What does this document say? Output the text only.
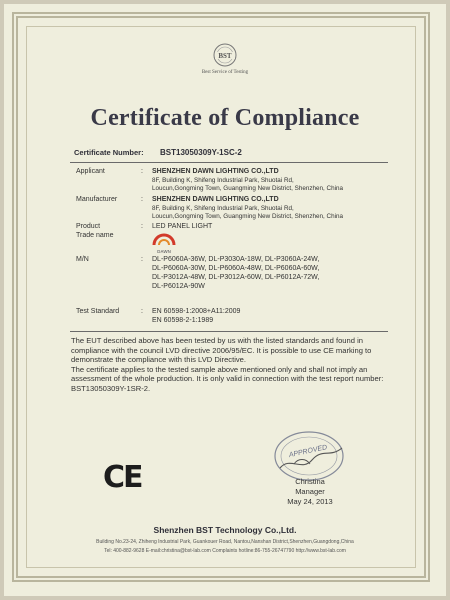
BST
Best Service of Testing
Certificate of Compliance
Certificate Number: BST13050309Y-1SC-2
Applicant	: SHENZHEN DAWN LIGHTING CO.,LTD
8F, Building K, Shifeng Industrial Park, Shuotai Rd,
Loucun,Gongming Town, Guangming New District, Shenzhen, China
Manufacturer	: SHENZHEN DAWN LIGHTING CO.,LTD
8F, Building K, Shifeng Industrial Park, Shuotai Rd,
Loucun,Gongming Town, Guangming New District, Shenzhen, China
Product	: LED PANEL LIGHT
Trade name
DAWN
M/N	: DL-P6060A-36W, DL-P3030A-18W, DL-P3060A-24W,
DL-P6060A-30W, DL-P6060A-48W, DL-P6060A-60W,
DL-P3012A-48W, DL-P3012A-60W, DL-P6012A-72W,
DL-P6012A-90W
Test Standard	: EN 60598-1:2008+A11:2009
EN 60598-2-1:1989

The EUT described above has been tested by us with the listed standards and found in compliance with the council LVD directive 2006/95/EC. It is possible to use CE marking to demonstrate the compliance with this LVD Directive.

The certificate applies to the tested sample above mentioned only and shall not imply an assessment of the whole production. It is only valid in connection with the test report number: BST13050309Y-1SR-2.

CE
APPROVED
Christina
Manager
May 24, 2013
Shenzhen BST Technology Co.,Ltd.
Building No.23-24, Zhiheng Industrial Park, Guankouer Road, Nantou,Nanshan District,Shenzhen,Guangdong,China
Tel: 400-882-9628 E-mail:christina@bst-lab.com Complaints hotline:86-755-26747790 http://www.bst-lab.com
